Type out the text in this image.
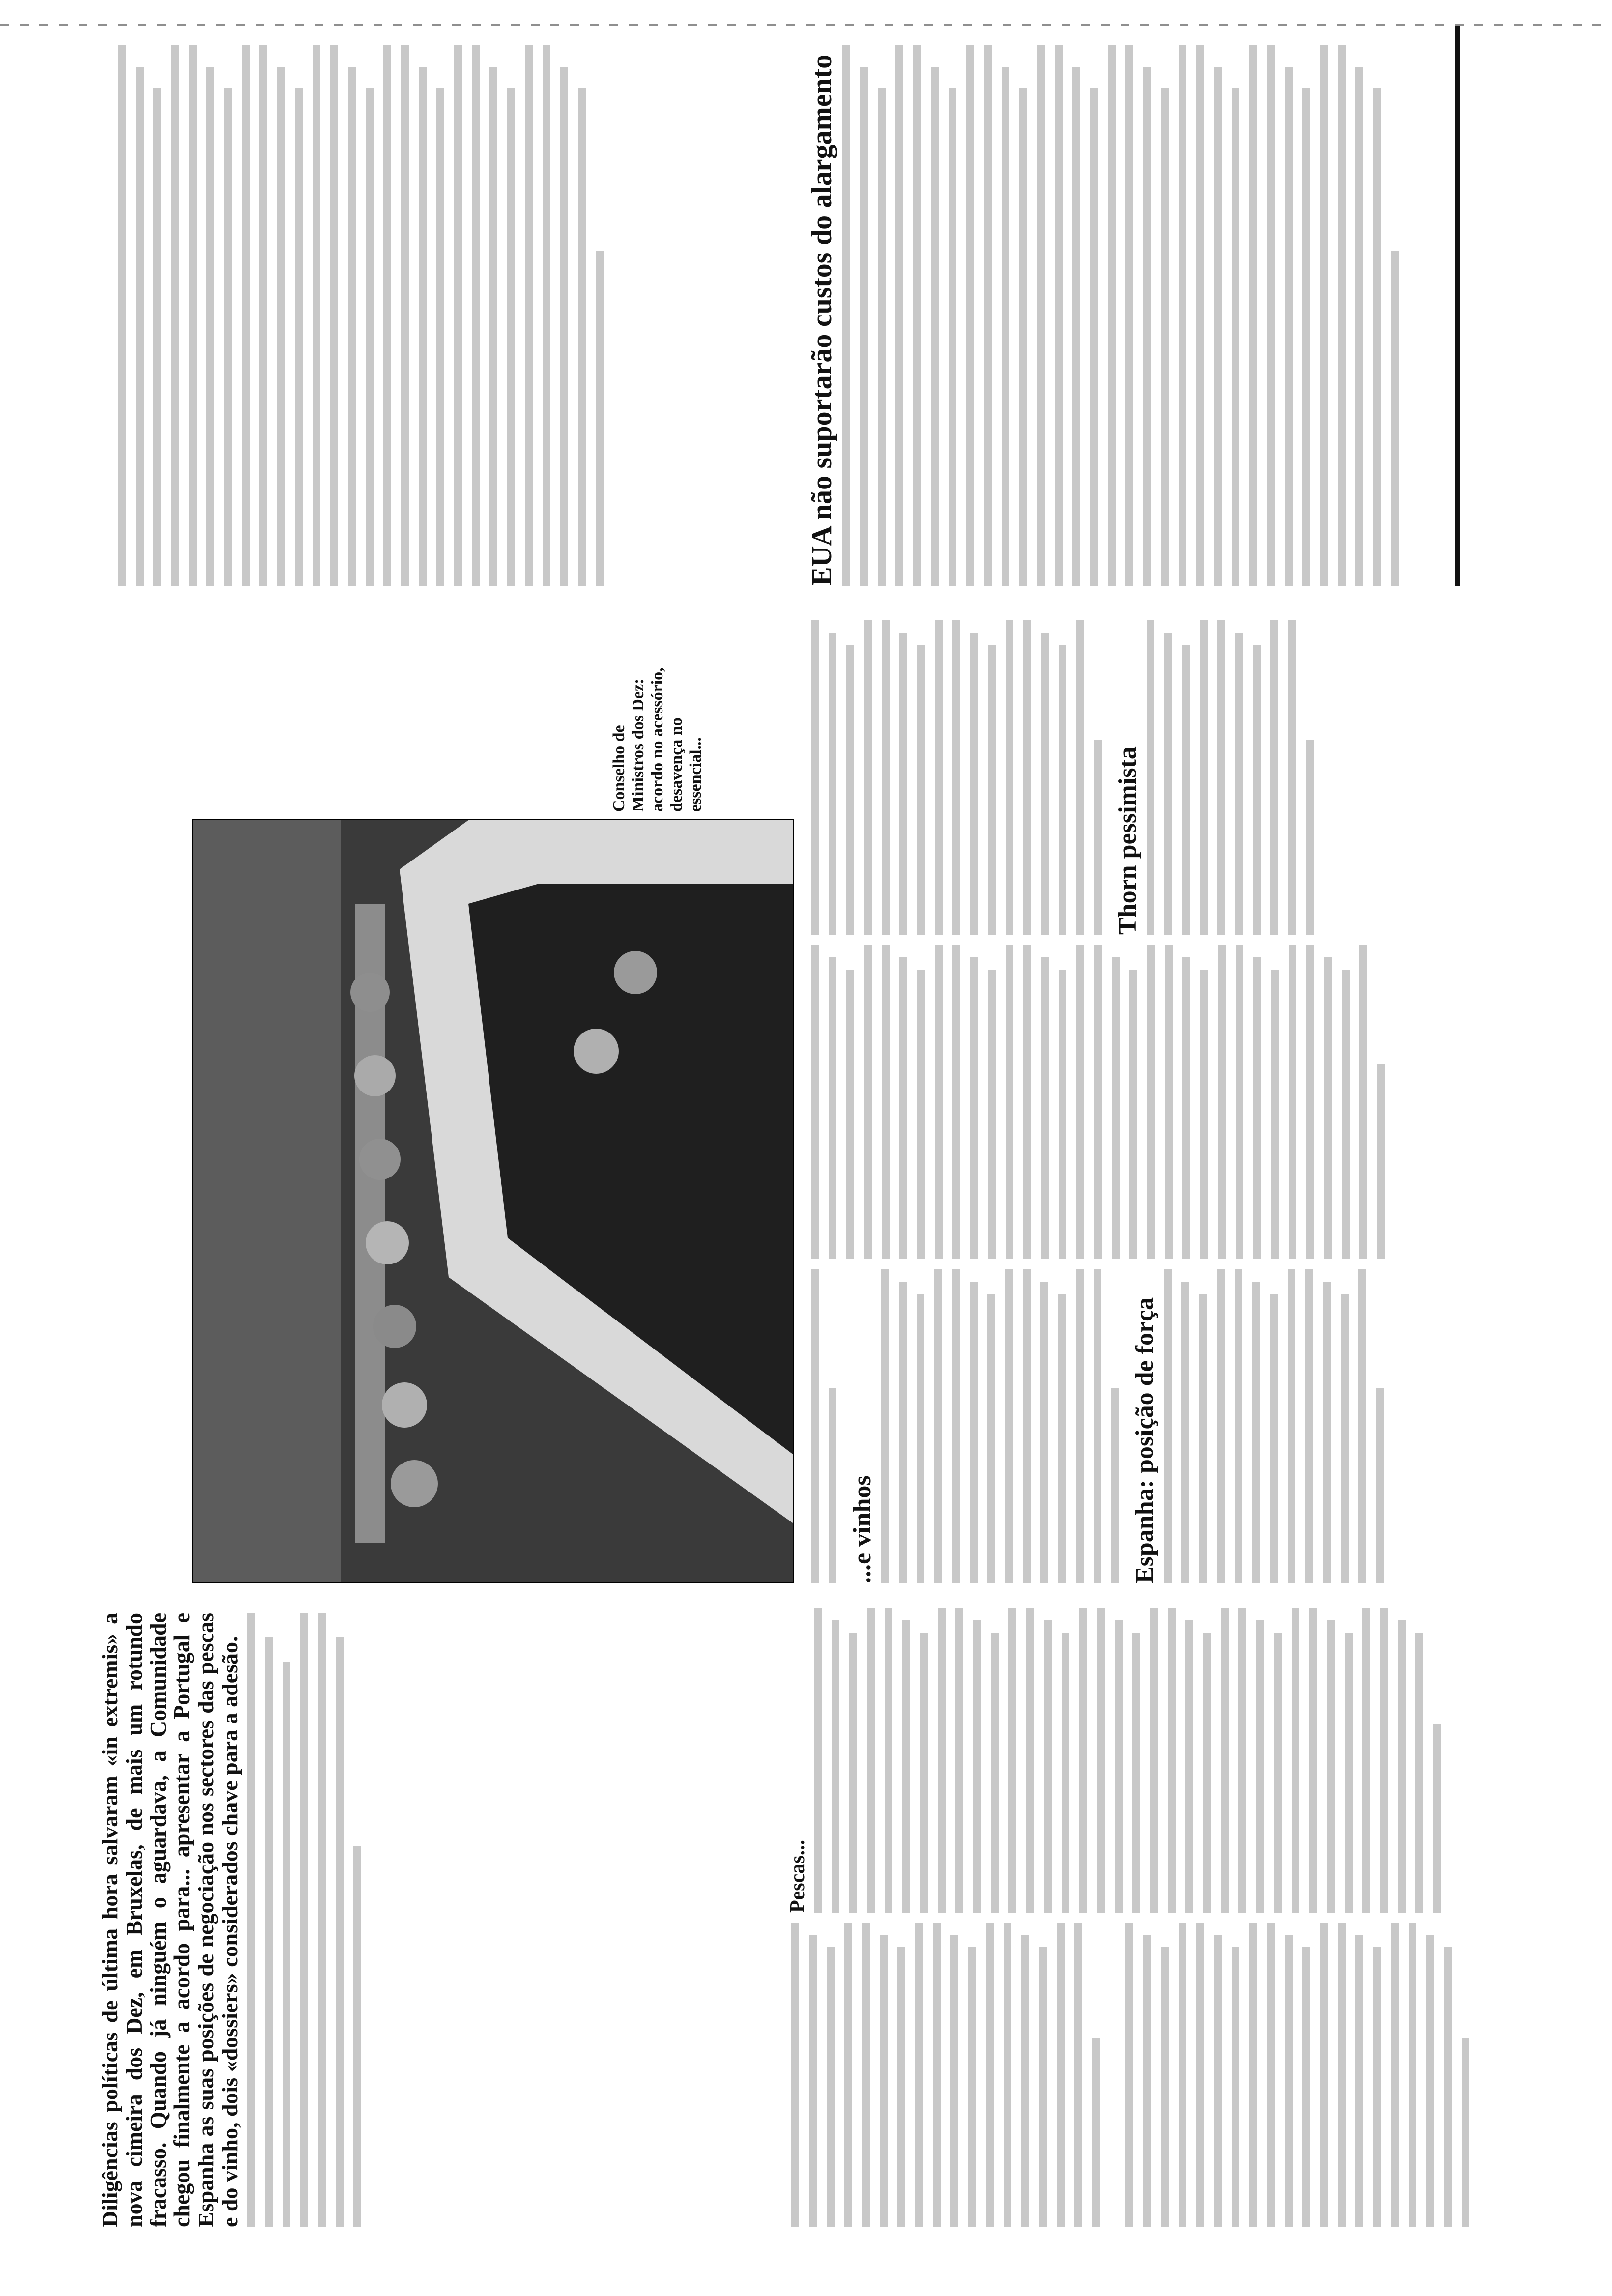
Diligências políticas de última hora salvaram «in extremis» a nova cimeira dos Dez, em Bruxelas, de mais um rotundo fracasso. Quando já ninguém o aguardava, a Comunidade chegou finalmente a acordo para... apresentar a Portugal e Espanha as suas posições de negociação nos sectores das pescas e do vinho, dois «dossiers» considerados chave para a adesão.	Pescas...
Conselho de Ministros dos Dez: acordo no acessório, desavença no essencial...
...e vinhos	Espanha: posição de força
Thorn pessimista
EUA não suportarão custos do alargamento
